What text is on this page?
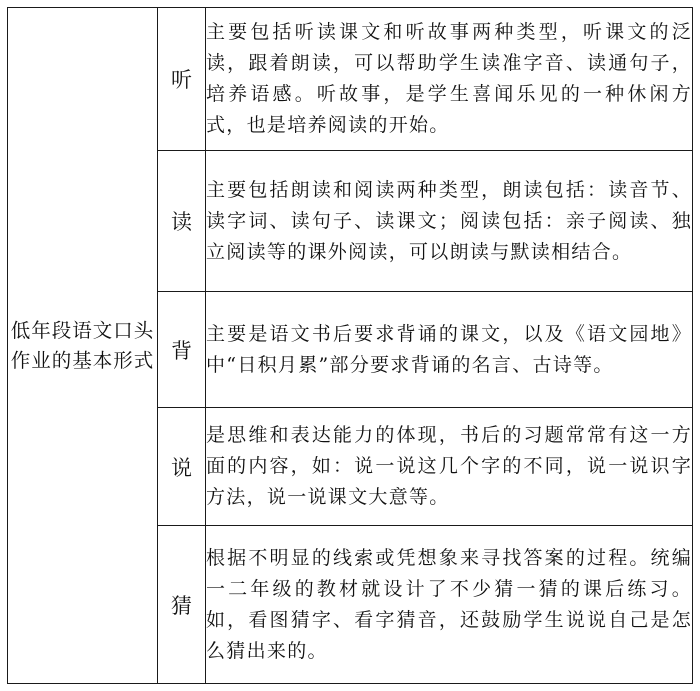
低年段语文口头作业的基本形式	听	主要包括听读课文和听故事两种类型，听课文的泛读，跟着朗读，可以帮助学生读准字音、读通句子，培养语感。听故事，是学生喜闻乐见的一种休闲方式，也是培养阅读的开始。

	读	主要包括朗读和阅读两种类型，朗读包括：读音节、读字词、读句子、读课文；阅读包括：亲子阅读、独立阅读等的课外阅读，可以朗读与默读相结合。

	背	主要是语文书后要求背诵的课文，以及《语文园地》中“日积月累”部分要求背诵的名言、古诗等。

	说	是思维和表达能力的体现，书后的习题常常有这一方面的内容，如：说一说这几个字的不同，说一说识字方法，说一说课文大意等。

	猜	根据不明显的线索或凭想象来寻找答案的过程。统编一二年级的教材就设计了不少猜一猜的课后练习。如，看图猜字、看字猜音，还鼓励学生说说自己是怎么猜出来的。
